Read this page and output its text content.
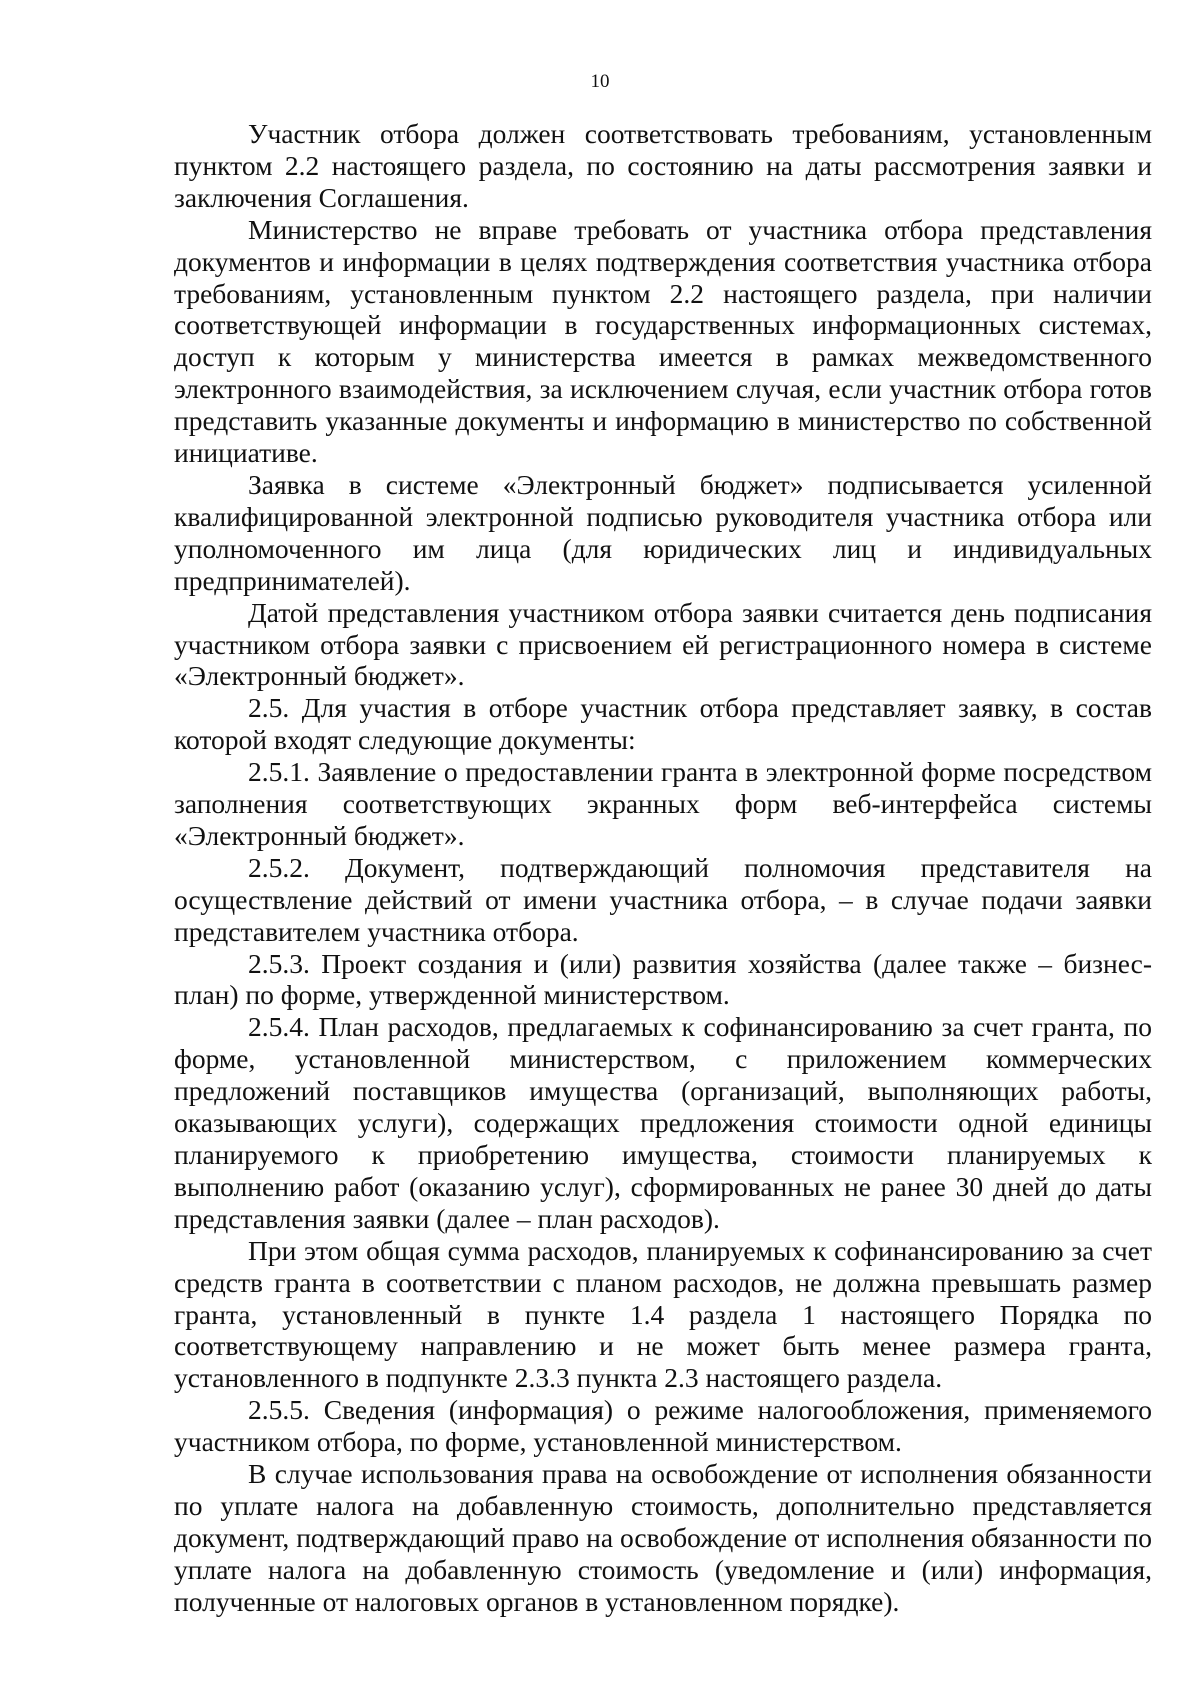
10

Участник отбора должен соответствовать требованиям, установленным пунктом 2.2 настоящего раздела, по состоянию на даты рассмотрения заявки и заключения Соглашения.

Министерство не вправе требовать от участника отбора представления документов и информации в целях подтверждения соответствия участника отбора требованиям, установленным пунктом 2.2 настоящего раздела, при наличии соответствующей информации в государственных информационных системах, доступ к которым у министерства имеется в рамках межведомственного электронного взаимодействия, за исключением случая, если участник отбора готов представить указанные документы и информацию в министерство по собственной инициативе.

Заявка в системе «Электронный бюджет» подписывается усиленной квалифицированной электронной подписью руководителя участника отбора или уполномоченного им лица (для юридических лиц и индивидуальных предпринимателей).

Датой представления участником отбора заявки считается день подписания участником отбора заявки с присвоением ей регистрационного номера в системе «Электронный бюджет».

2.5. Для участия в отборе участник отбора представляет заявку, в состав которой входят следующие документы:

2.5.1. Заявление о предоставлении гранта в электронной форме посредством заполнения соответствующих экранных форм веб-интерфейса системы «Электронный бюджет».

2.5.2. Документ, подтверждающий полномочия представителя на осуществление действий от имени участника отбора, – в случае подачи заявки представителем участника отбора.

2.5.3. Проект создания и (или) развития хозяйства (далее также – бизнес-план) по форме, утвержденной министерством.

2.5.4. План расходов, предлагаемых к софинансированию за счет гранта, по форме, установленной министерством, с приложением коммерческих предложений поставщиков имущества (организаций, выполняющих работы, оказывающих услуги), содержащих предложения стоимости одной единицы планируемого к приобретению имущества, стоимости планируемых к выполнению работ (оказанию услуг), сформированных не ранее 30 дней до даты представления заявки (далее – план расходов).

При этом общая сумма расходов, планируемых к софинансированию за счет средств гранта в соответствии с планом расходов, не должна превышать размер гранта, установленный в пункте 1.4 раздела 1 настоящего Порядка по соответствующему направлению и не может быть менее размера гранта, установленного в подпункте 2.3.3 пункта 2.3 настоящего раздела.

2.5.5. Сведения (информация) о режиме налогообложения, применяемого участником отбора, по форме, установленной министерством.

В случае использования права на освобождение от исполнения обязанности по уплате налога на добавленную стоимость, дополнительно представляется документ, подтверждающий право на освобождение от исполнения обязанности по уплате налога на добавленную стоимость (уведомление и (или) информация, полученные от налоговых органов в установленном порядке).
